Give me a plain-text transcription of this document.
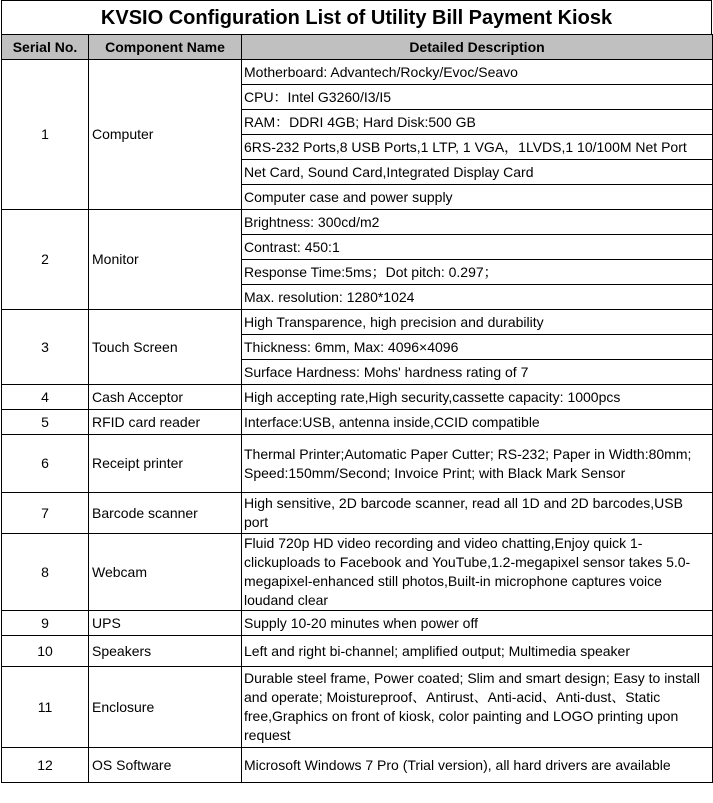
KVSIO Configuration List of Utility Bill Payment Kiosk
Serial No.	Component Name	Detailed Description
1	Computer	Motherboard: Advantech/Rocky/Evoc/Seavo
		CPU：Intel G3260/I3/I5
		RAM：DDRI 4GB; Hard Disk:500 GB
		6RS-232 Ports,8 USB Ports,1 LTP, 1 VGA，1LVDS,1 10/100M Net Port
		Net Card, Sound Card,Integrated Display Card
		Computer case and power supply
2	Monitor	Brightness: 300cd/m2
		Contrast: 450:1
		Response Time:5ms；Dot pitch: 0.297；
		Max. resolution: 1280*1024
3	Touch Screen	High Transparence, high precision and durability
		Thickness: 6mm, Max: 4096×4096
		Surface Hardness: Mohs' hardness rating of 7
4	Cash Acceptor	High accepting rate,High security,cassette capacity: 1000pcs
5	RFID card reader	Interface:USB, antenna inside,CCID compatible
6	Receipt printer	Thermal Printer;Automatic Paper Cutter; RS-232; Paper in Width:80mm; Speed:150mm/Second; Invoice Print; with Black Mark Sensor
7	Barcode scanner	High sensitive, 2D barcode scanner, read all 1D and 2D barcodes,USB port
8	Webcam	Fluid 720p HD video recording and video chatting,Enjoy quick 1-clickuploads to Facebook and YouTube,1.2-megapixel sensor takes 5.0-megapixel-enhanced still photos,Built-in microphone captures voice loudand clear
9	UPS	Supply 10-20 minutes when power off
10	Speakers	Left and right bi-channel; amplified output; Multimedia speaker
11	Enclosure	Durable steel frame, Power coated; Slim and smart design; Easy to install and operate; Moistureproof、Antirust、Anti-acid、Anti-dust、Static free,Graphics on front of kiosk, color painting and LOGO printing upon request
12	OS Software	Microsoft Windows 7 Pro (Trial version), all hard drivers are available
